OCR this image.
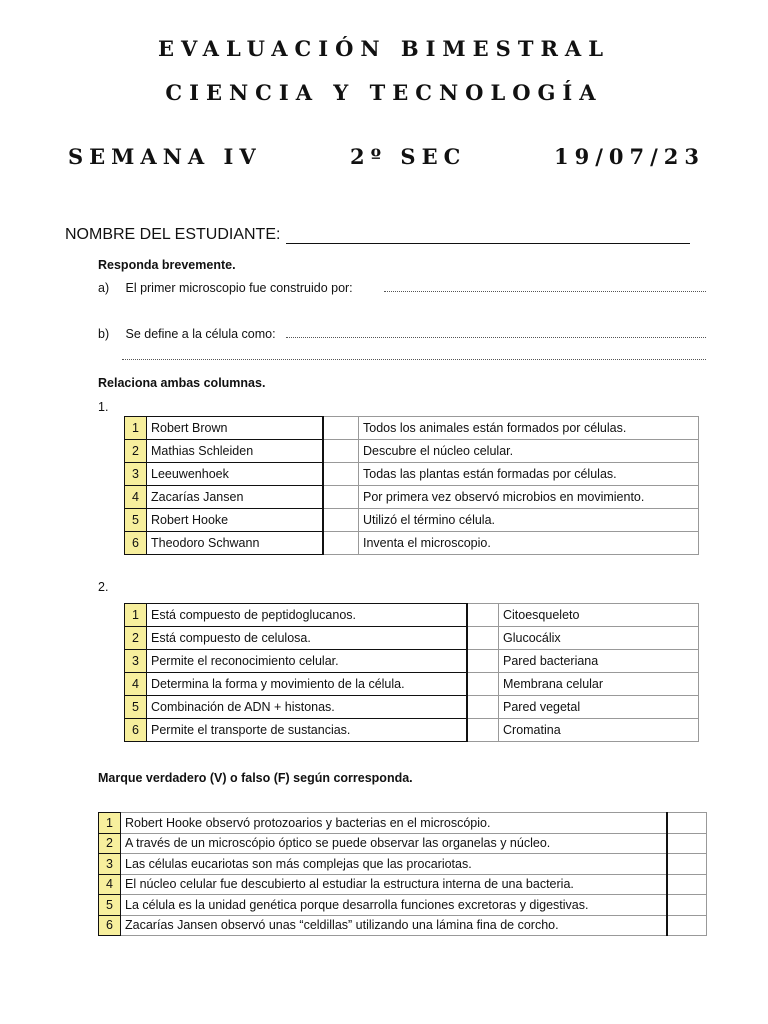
EVALUACIÓN BIMESTRAL
CIENCIA Y TECNOLOGÍA
SEMANA IV	2º SEC	19/07/23
NOMBRE DEL ESTUDIANTE:
Responda brevemente.
a) El primer microscopio fue construido por:
b) Se define a la célula como:
Relaciona ambas columnas.
1.
1	Robert Brown		Todos los animales están formados por células.
2	Mathias Schleiden		Descubre el núcleo celular.
3	Leeuwenhoek		Todas las plantas están formadas por células.
4	Zacarías Jansen		Por primera vez observó microbios en movimiento.
5	Robert Hooke		Utilizó el término célula.
6	Theodoro Schwann		Inventa el microscopio.
2.
1	Está compuesto de peptidoglucanos.		Citoesqueleto
2	Está compuesto de celulosa.		Glucocálix
3	Permite el reconocimiento celular.		Pared bacteriana
4	Determina la forma y movimiento de la célula.		Membrana celular
5	Combinación de ADN + histonas.		Pared vegetal
6	Permite el transporte de sustancias.		Cromatina
Marque verdadero (V) o falso (F) según corresponda.
1	Robert Hooke observó protozoarios y bacterias en el microscópio.	
2	A través de un microscópio óptico se puede observar las organelas y núcleo.	
3	Las células eucariotas son más complejas que las procariotas.	
4	El núcleo celular fue descubierto al estudiar la estructura interna de una bacteria.	
5	La célula es la unidad genética porque desarrolla funciones excretoras y digestivas.	
6	Zacarías Jansen observó unas “celdillas” utilizando una lámina fina de corcho.	
